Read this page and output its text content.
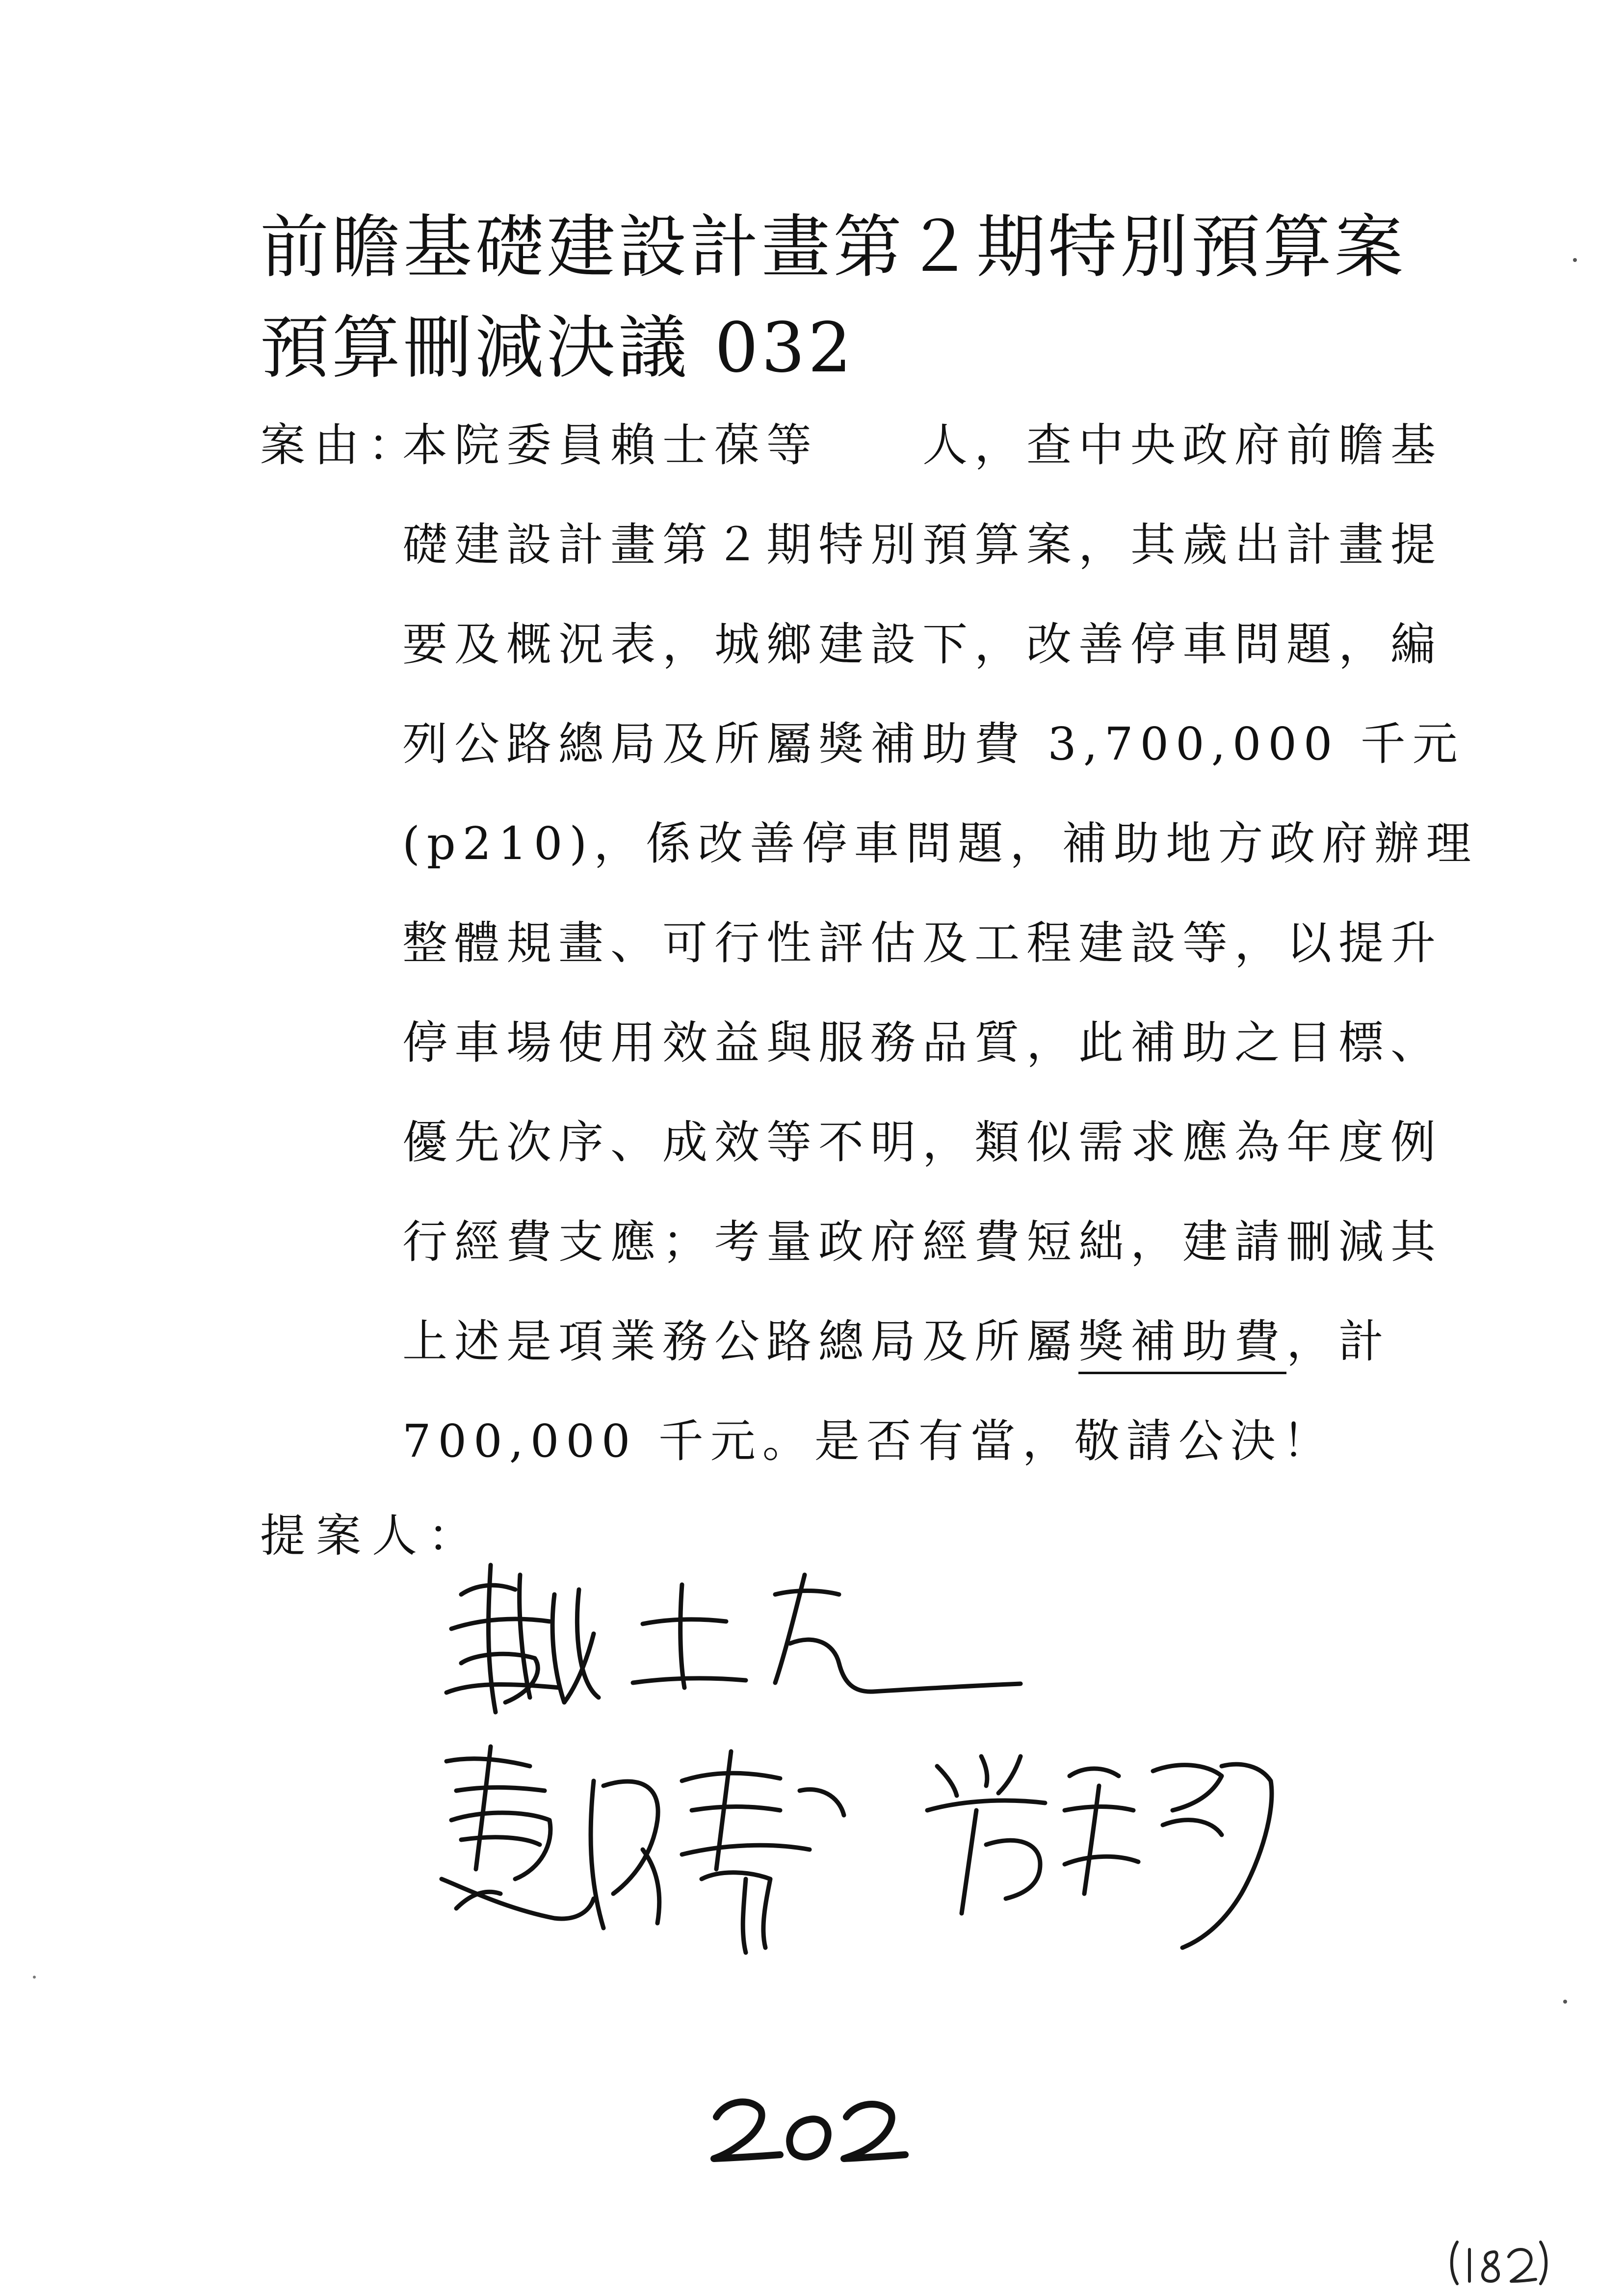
前瞻基礎建設計畫第２期特別預算案
預算刪減決議 032
案由：
本院委員賴士葆等　　人，查中央政府前瞻基
礎建設計畫第２期特別預算案，其歲出計畫提
要及概況表，城鄉建設下，改善停車問題，編
列公路總局及所屬獎補助費 3,700,000 千元
(p210)，係改善停車問題，補助地方政府辦理
整體規畫、可行性評估及工程建設等，以提升
停車場使用效益與服務品質，此補助之目標、
優先次序、成效等不明，類似需求應為年度例
行經費支應；考量政府經費短絀，建請刪減其
上述是項業務公路總局及所屬獎補助費，計
700,000 千元。是否有當，敬請公決！
提案人：
